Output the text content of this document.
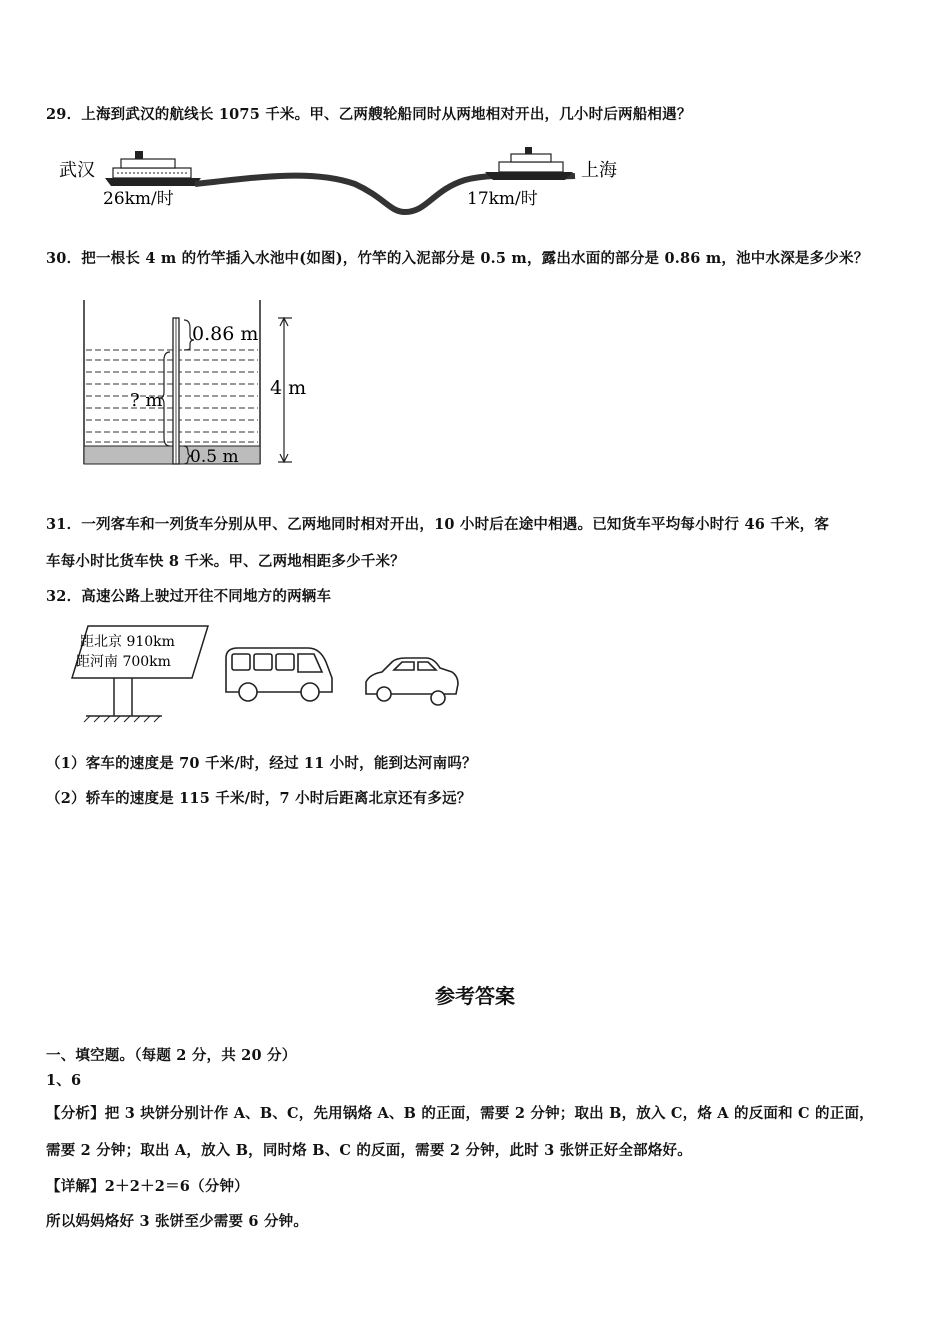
29．上海到武汉的航线长 1075 千米。甲、乙两艘轮船同时从两地相对开出，几小时后两船相遇？
武汉
26km/时
上海
17km/时
30．把一根长 4 m 的竹竿插入水池中(如图)，竹竿的入泥部分是 0.5 m，露出水面的部分是 0.86 m，池中水深是多少米？
0.86 m
? m
0.5 m
4 m
31．一列客车和一列货车分别从甲、乙两地同时相对开出，10 小时后在途中相遇。已知货车平均每小时行 46 千米，客
车每小时比货车快 8 千米。甲、乙两地相距多少千米？
32．高速公路上驶过开往不同地方的两辆车
距北京 910km
距河南 700km
（1）客车的速度是 70 千米/时，经过 11 小时，能到达河南吗？
（2）轿车的速度是 115 千米/时，7 小时后距离北京还有多远？
参考答案
一、填空题。（每题 2 分，共 20 分）
1、6
【分析】把 3 块饼分别计作 A、B、C，先用锅烙 A、B 的正面，需要 2 分钟；取出 B，放入 C，烙 A 的反面和 C 的正面，
需要 2 分钟；取出 A，放入 B，同时烙 B、C 的反面，需要 2 分钟，此时 3 张饼正好全部烙好。
【详解】2＋2＋2＝6（分钟）
所以妈妈烙好 3 张饼至少需要 6 分钟。
